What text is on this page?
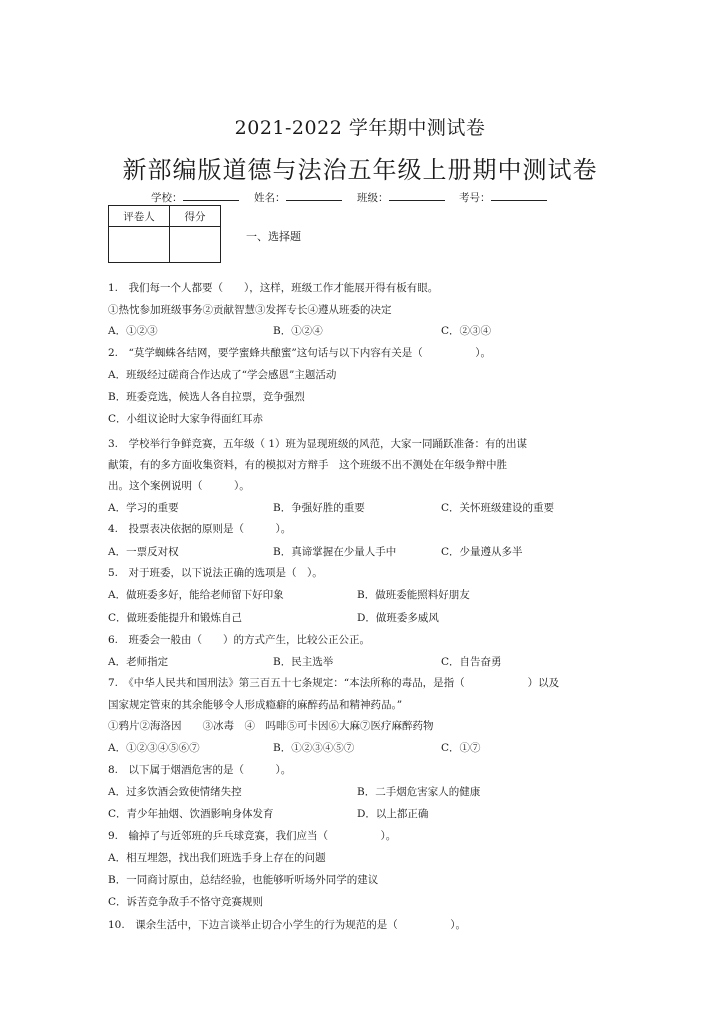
2021-2022 学年期中测试卷
新部编版道德与法治五年级上册期中测试卷
学校：	姓名：	班级：	考号：
评卷人	得分

一、选择题
1.　我们每一个人都要（　　），这样，班级工作才能展开得有板有眼。
①热忱参加班级事务②贡献智慧③发挥专长④遵从班委的决定
A．①②③	B．①②④	C．②③④
2.　“莫学蜘蛛各结网，要学蜜蜂共酿蜜”这句话与以下内容有关是（　　　　　）。
A．班级经过磋商合作达成了“学会感恩”主题活动
B．班委竞选，候选人各自拉票，竞争强烈
C．小组议论时大家争得面红耳赤
3.　学校举行争鲜竞赛，五年级（ 1）班为显现班级的风范，大家一同踊跃准备：有的出谋
献策，有的多方面收集资料，有的模拟对方辩手　这个班级不出不测处在年级争辩中胜
出。这个案例说明（　　　）。
A．学习的重要	B．争强好胜的重要	C．关怀班级建设的重要
4.　投票表决依据的原则是（　　　）。
A．一票反对权	B．真谛掌握在少量人手中	C．少量遵从多半
5.　对于班委，以下说法正确的选项是（　）。
A．做班委多好，能给老师留下好印象	B．做班委能照料好朋友
C．做班委能提升和锻炼自己	D．做班委多威风
6.　班委会一般由（　　）的方式产生，比较公正公正。
A．老师指定	B．民主选举	C．自告奋勇
7.　《中华人民共和国刑法》第三百五十七条规定：“本法所称的毒品，是指（　　　　　　）以及
国家规定管束的其余能够令人形成瘾癖的麻醉药品和精神药品。”
①鸦片②海洛因　　③冰毒　④　吗啡⑤可卡因⑥大麻⑦医疗麻醉药物
A．①②③④⑤⑥⑦	B．①②③④⑤⑦	C．①⑦
8.　以下属于烟酒危害的是（　　　）。
A．过多饮酒会致使情绪失控	B．二手烟危害家人的健康
C．青少年抽烟、饮酒影响身体发育	D．以上都正确
9.　输掉了与近邻班的乒乓球竞赛，我们应当（　　　　　）。
A．相互埋怨，找出我们班选手身上存在的问题
B．一同商讨原由，总结经验，也能够听听场外同学的建议
C．诉苦竞争敌手不恪守竞赛规则
10.　课余生活中，下边言谈举止切合小学生的行为规范的是（　　　　　）。
